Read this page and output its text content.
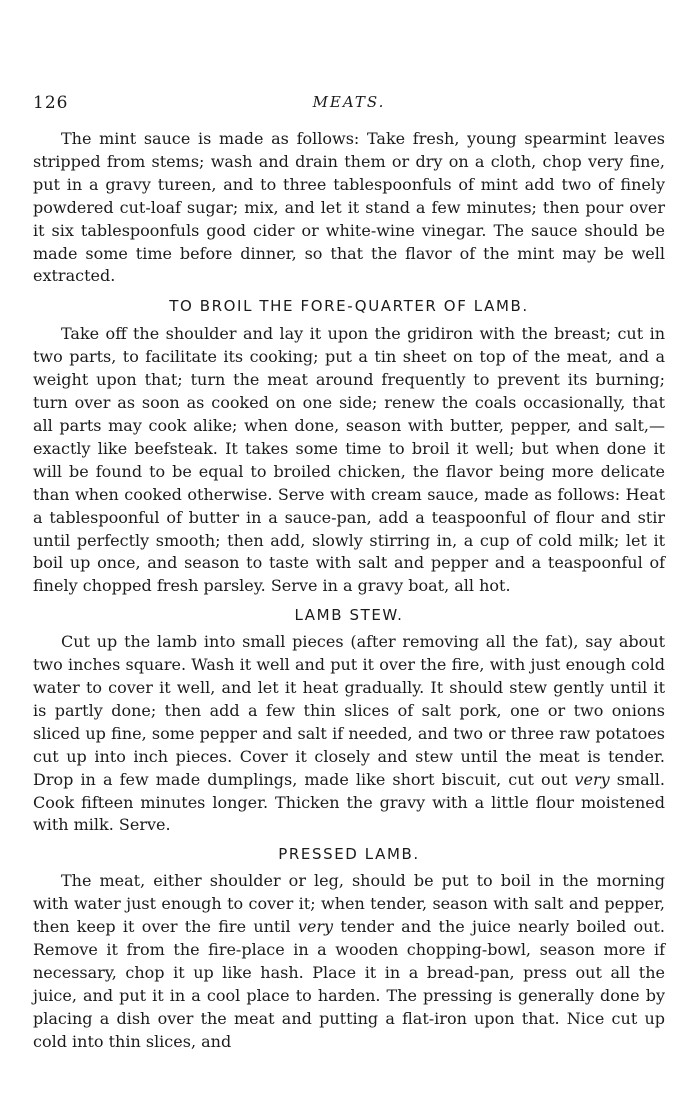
126	MEATS.

The mint sauce is made as follows: Take fresh, young spearmint leaves stripped from stems; wash and drain them or dry on a cloth, chop very fine, put in a gravy tureen, and to three tablespoonfuls of mint add two of finely powdered cut-loaf sugar; mix, and let it stand a few minutes; then pour over it six tablespoonfuls good cider or white-wine vinegar. The sauce should be made some time before dinner, so that the flavor of the mint may be well extracted.

TO BROIL THE FORE-QUARTER OF LAMB.

Take off the shoulder and lay it upon the gridiron with the breast; cut in two parts, to facilitate its cooking; put a tin sheet on top of the meat, and a weight upon that; turn the meat around frequently to prevent its burning; turn over as soon as cooked on one side; renew the coals occasionally, that all parts may cook alike; when done, season with butter, pepper, and salt,—exactly like beefsteak. It takes some time to broil it well; but when done it will be found to be equal to broiled chicken, the flavor being more delicate than when cooked otherwise. Serve with cream sauce, made as follows: Heat a tablespoonful of butter in a sauce-pan, add a teaspoonful of flour and stir until perfectly smooth; then add, slowly stirring in, a cup of cold milk; let it boil up once, and season to taste with salt and pepper and a teaspoonful of finely chopped fresh parsley. Serve in a gravy boat, all hot.

LAMB STEW.

Cut up the lamb into small pieces (after removing all the fat), say about two inches square. Wash it well and put it over the fire, with just enough cold water to cover it well, and let it heat gradually. It should stew gently until it is partly done; then add a few thin slices of salt pork, one or two onions sliced up fine, some pepper and salt if needed, and two or three raw potatoes cut up into inch pieces. Cover it closely and stew until the meat is tender. Drop in a few made dumplings, made like short biscuit, cut out very small. Cook fifteen minutes longer. Thicken the gravy with a little flour moistened with milk. Serve.

PRESSED LAMB.

The meat, either shoulder or leg, should be put to boil in the morning with water just enough to cover it; when tender, season with salt and pepper, then keep it over the fire until very tender and the juice nearly boiled out. Remove it from the fire-place in a wooden chopping-bowl, season more if necessary, chop it up like hash. Place it in a bread-pan, press out all the juice, and put it in a cool place to harden. The pressing is generally done by placing a dish over the meat and putting a flat-iron upon that. Nice cut up cold into thin slices, and
